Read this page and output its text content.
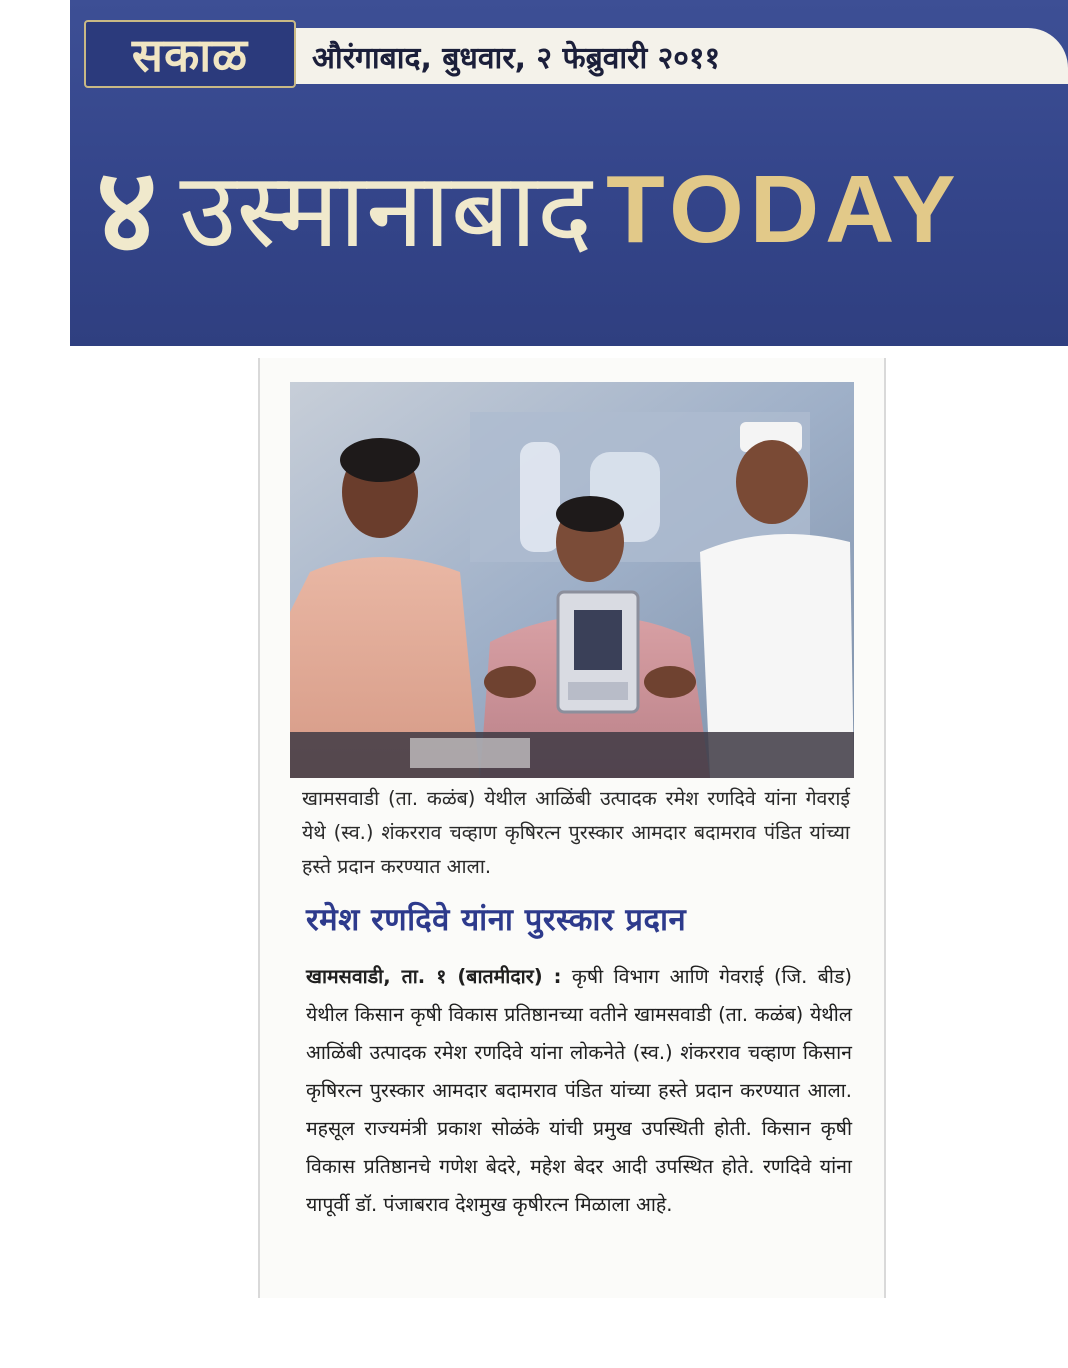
सकाळ	औरंगाबाद, बुधवार, २ फेब्रुवारी २०११
४ उस्मानाबाद TODAY
खामसवाडी (ता. कळंब) येथील आळिंबी उत्पादक रमेश रणदिवे यांना गेवराई येथे (स्व.) शंकरराव चव्हाण कृषिरत्न पुरस्कार आमदार बदामराव पंडित यांच्या हस्ते प्रदान करण्यात आला.
रमेश रणदिवे यांना पुरस्कार प्रदान
खामसवाडी, ता. १ (बातमीदार) : कृषी विभाग आणि गेवराई (जि. बीड) येथील किसान कृषी विकास प्रतिष्ठानच्या वतीने खामसवाडी (ता. कळंब) येथील आळिंबी उत्पादक रमेश रणदिवे यांना लोकनेते (स्व.) शंकरराव चव्हाण किसान कृषिरत्न पुरस्कार आमदार बदामराव पंडित यांच्या हस्ते प्रदान करण्यात आला. महसूल राज्यमंत्री प्रकाश सोळंके यांची प्रमुख उपस्थिती होती. किसान कृषी विकास प्रतिष्ठानचे गणेश बेदरे, महेश बेदर आदी उपस्थित होते. रणदिवे यांना यापूर्वी डॉ. पंजाबराव देशमुख कृषीरत्न मिळाला आहे.
